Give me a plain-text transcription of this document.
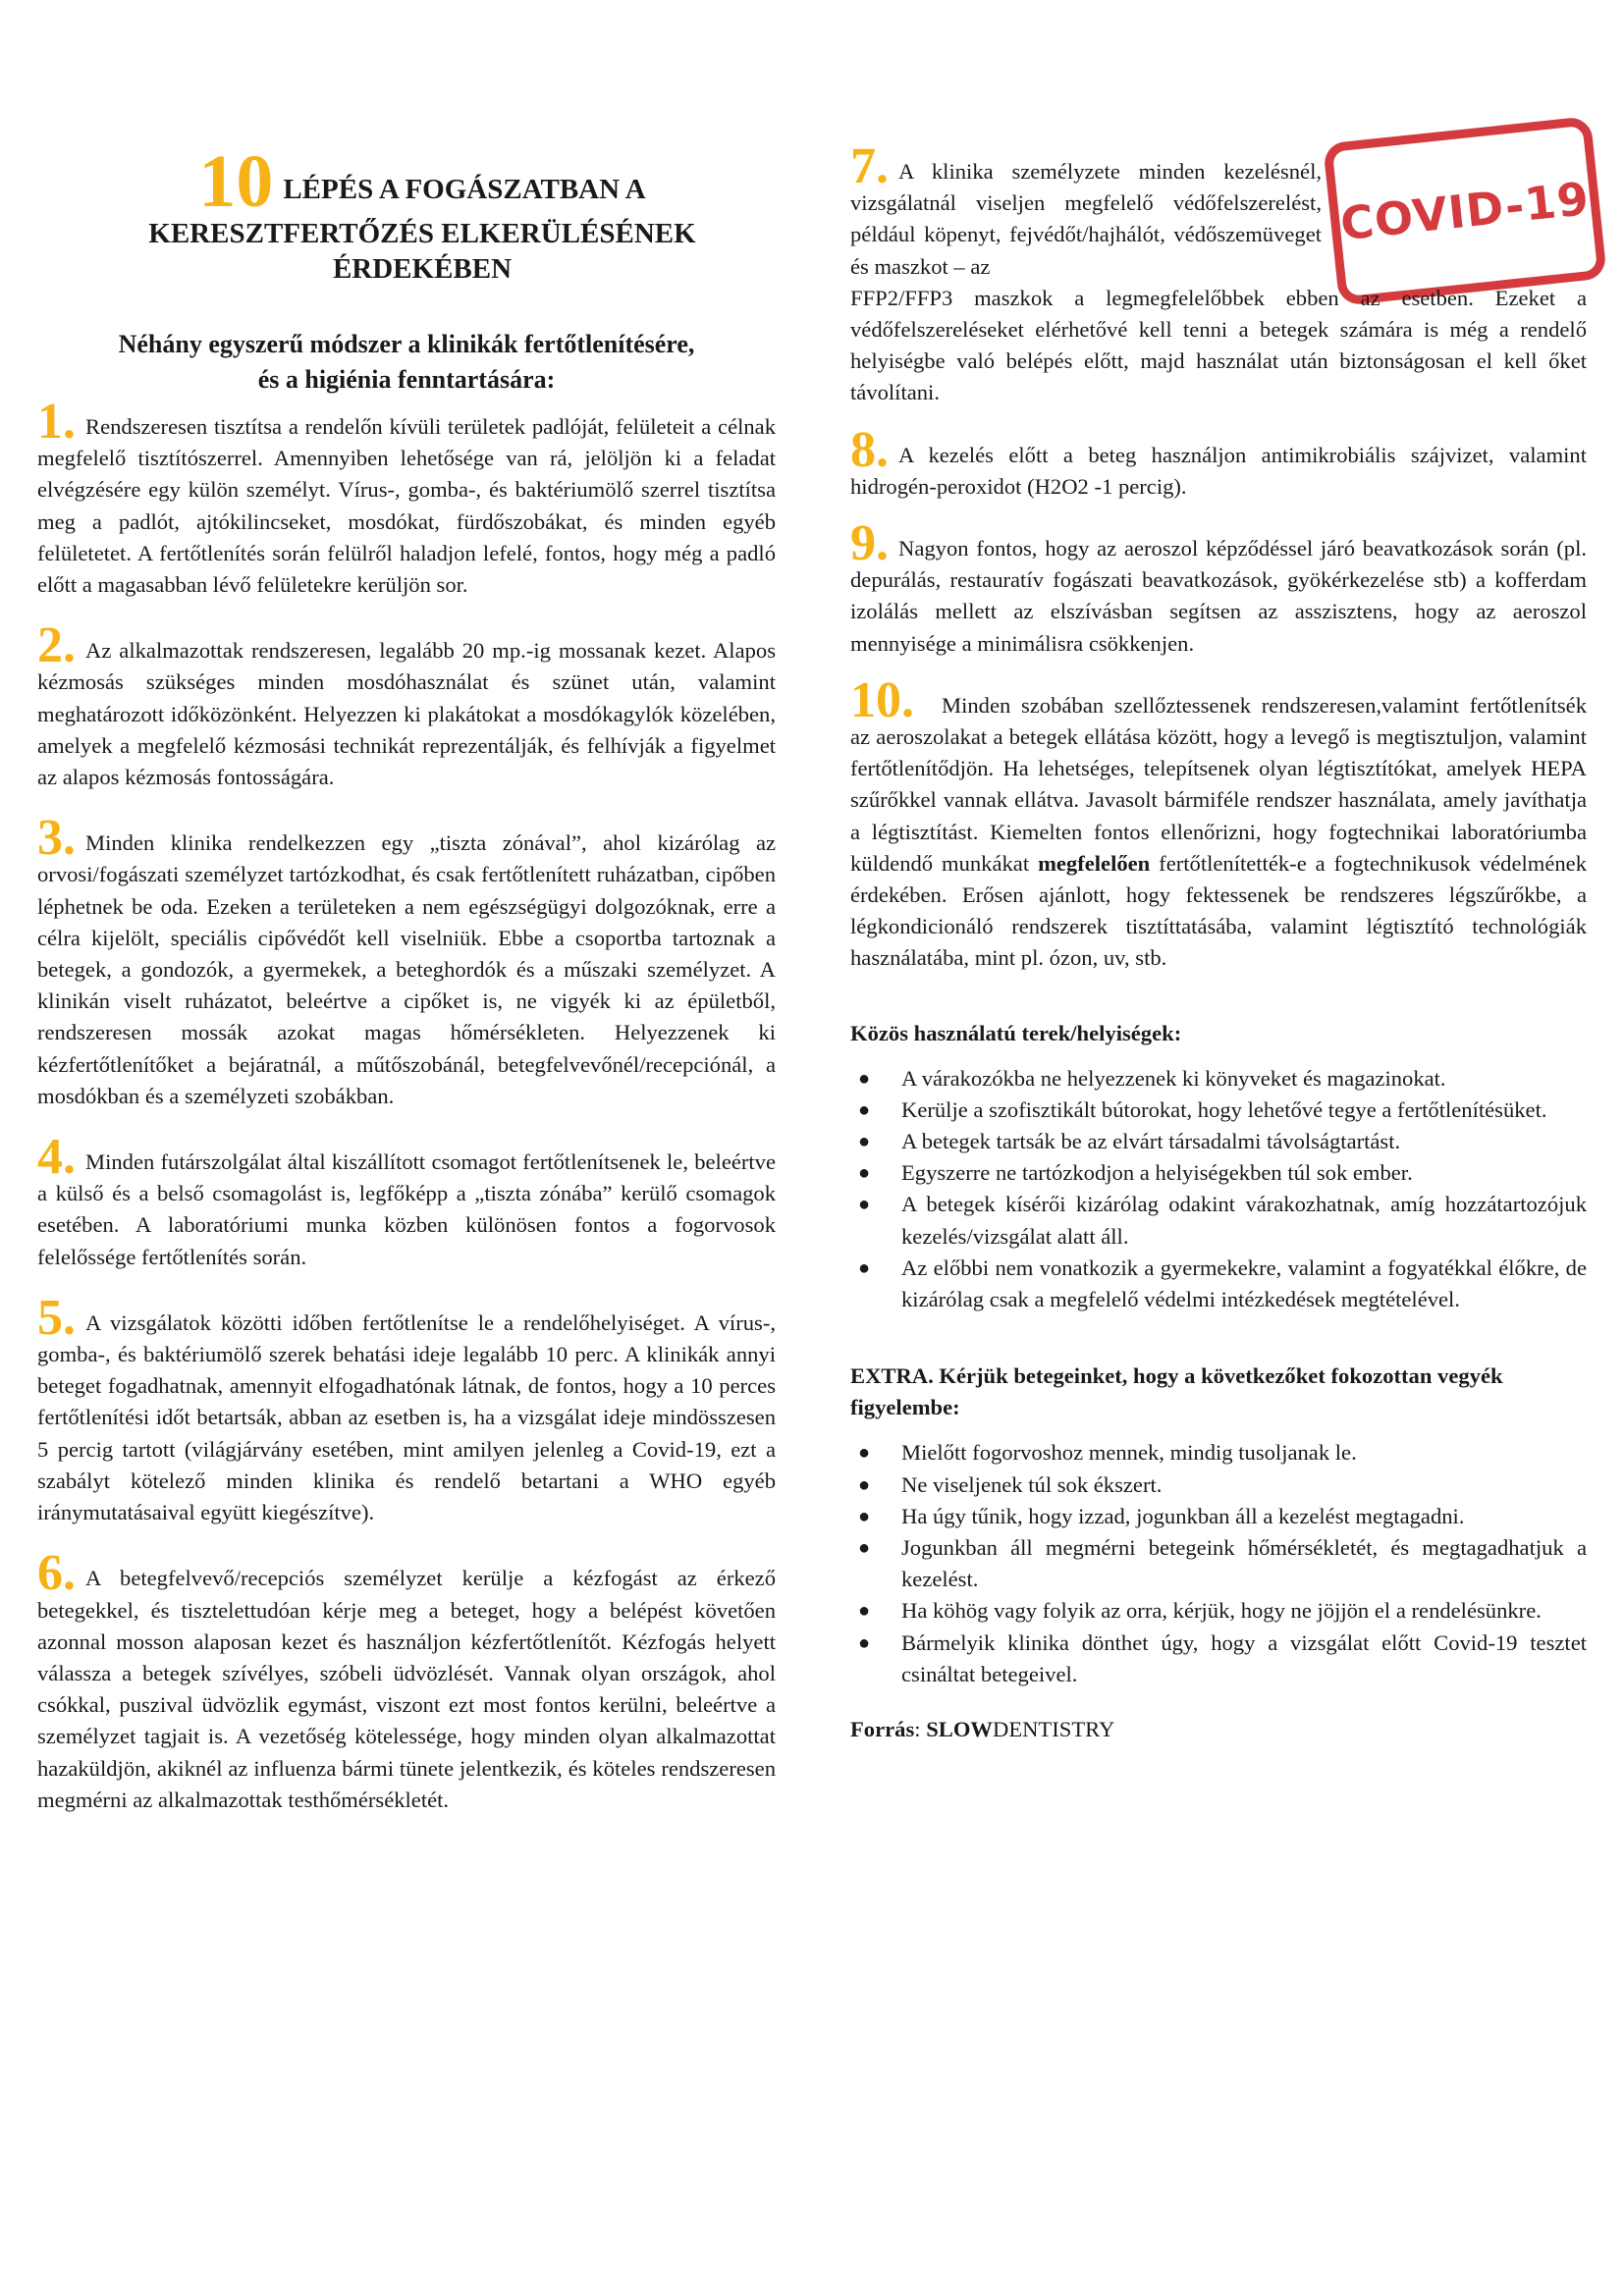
10 LÉPÉS A FOGÁSZATBAN A
KERESZTFERTŐZÉS ELKERÜLÉSÉNEK
ÉRDEKÉBEN
Néhány egyszerű módszer a klinikák fertőtlenítésére,
és a higiénia fenntartására:

1. Rendszeresen tisztítsa a rendelőn kívüli területek padlóját, felületeit a célnak megfelelő tisztítószerrel. Amennyiben lehetősége van rá, jelöljön ki a feladat elvégzésére egy külön személyt. Vírus-, gomba-, és baktériumölő szerrel tisztítsa meg a padlót, ajtókilincseket, mosdókat, fürdőszobákat, és minden egyéb felületetet. A fertőtlenítés során felülről haladjon lefelé, fontos, hogy még a padló előtt a magasabban lévő felületekre kerüljön sor.

2. Az alkalmazottak rendszeresen, legalább 20 mp.-ig mossanak kezet. Alapos kézmosás szükséges minden mosdóhasználat és szünet után, valamint meghatározott időközönként. Helyezzen ki plakátokat a mosdókagylók közelében, amelyek a megfelelő kézmosási technikát reprezentálják, és felhívják a figyelmet az alapos kézmosás fontosságára.

3. Minden klinika rendelkezzen egy „tiszta zónával”, ahol kizárólag az orvosi/fogászati személyzet tartózkodhat, és csak fertőtlenített ruházatban, cipőben léphetnek be oda. Ezeken a területeken a nem egészségügyi dolgozóknak, erre a célra kijelölt, speciális cipővédőt kell viselniük. Ebbe a csoportba tartoznak a betegek, a gondozók, a gyermekek, a beteghordók és a műszaki személyzet. A klinikán viselt ruházatot, beleértve a cipőket is, ne vigyék ki az épületből, rendszeresen mossák azokat magas hőmérsékleten. Helyezzenek ki kézfertőtlenítőket a bejáratnál, a műtőszobánál, betegfelvevőnél/recepciónál, a mosdókban és a személyzeti szobákban.

4. Minden futárszolgálat által kiszállított csomagot fertőtlenítsenek le, beleértve a külső és a belső csomagolást is, legfőképp a „tiszta zónába” kerülő csomagok esetében. A laboratóriumi munka közben különösen fontos a fogorvosok felelőssége fertőtlenítés során.

5. A vizsgálatok közötti időben fertőtlenítse le a rendelőhelyiséget. A vírus-, gomba-, és baktériumölő szerek behatási ideje legalább 10 perc. A klinikák annyi beteget fogadhatnak, amennyit elfogadhatónak látnak, de fontos, hogy a 10 perces fertőtlenítési időt betartsák, abban az esetben is, ha a vizsgálat ideje mindösszesen 5 percig tartott (világjárvány esetében, mint amilyen jelenleg a Covid-19, ezt a szabályt kötelező minden klinika és rendelő betartani a WHO egyéb iránymutatásaival együtt kiegészítve).

6. A betegfelvevő/recepciós személyzet kerülje a kézfogást az érkező betegekkel, és tisztelettudóan kérje meg a beteget, hogy a belépést követően azonnal mosson alaposan kezet és használjon kézfertőtlenítőt. Kézfogás helyett válassza a betegek szívélyes, szóbeli üdvözlését. Vannak olyan országok, ahol csókkal, puszival üdvözlik egymást, viszont ezt most fontos kerülni, beleértve a személyzet tagjait is. A vezetőség kötelessége, hogy minden olyan alkalmazottat hazaküldjön, akiknél az influenza bármi tünete jelentkezik, és köteles rendszeresen megmérni az alkalmazottak testhőmérsékletét.

COVID-19

7. A klinika személyzete minden kezelésnél, vizsgálatnál viseljen megfelelő védőfelszerelést, például köpenyt, fejvédőt/hajhálót, védőszemüveget és maszkot – az

FFP2/FFP3 maszkok a legmegfelelőbbek ebben az esetben. Ezeket a védőfelszereléseket elérhetővé kell tenni a betegek számára is még a rendelő helyiségbe való belépés előtt, majd használat után biztonságosan el kell őket távolítani.

8. A kezelés előtt a beteg használjon antimikrobiális szájvizet, valamint hidrogén-peroxidot (H2O2 -1 percig).

9. Nagyon fontos, hogy az aeroszol képződéssel járó beavatkozások során (pl. depurálás, restauratív fogászati beavatkozások, gyökérkezelése stb) a kofferdam izolálás mellett az elszívásban segítsen az asszisztens, hogy az aeroszol mennyisége a minimálisra csökkenjen.

10. Minden szobában szellőztessenek rendszeresen,valamint fertőtlenítsék az aeroszolakat a betegek ellátása között, hogy a levegő is megtisztuljon, valamint fertőtlenítődjön. Ha lehetséges, telepítsenek olyan légtisztítókat, amelyek HEPA szűrőkkel vannak ellátva. Javasolt bármiféle rendszer használata, amely javíthatja a légtisztítást. Kiemelten fontos ellenőrizni, hogy fogtechnikai laboratóriumba küldendő munkákat megfelelően fertőtlenítették-e a fogtechnikusok védelmének érdekében. Erősen ajánlott, hogy fektessenek be rendszeres légszűrőkbe, a légkondicionáló rendszerek tisztíttatásába, valamint légtisztító technológiák használatába, mint pl. ózon, uv, stb.

Közös használatú terek/helyiségek:

● A várakozókba ne helyezzenek ki könyveket és magazinokat.
● Kerülje a szofisztikált bútorokat, hogy lehetővé tegye a fertőtlenítésüket.
● A betegek tartsák be az elvárt társadalmi távolságtartást.
● Egyszerre ne tartózkodjon a helyiségekben túl sok ember.
● A betegek kísérői kizárólag odakint várakozhatnak, amíg hozzátartozójuk kezelés/vizsgálat alatt áll.
● Az előbbi nem vonatkozik a gyermekekre, valamint a fogyatékkal élőkre, de kizárólag csak a megfelelő védelmi intézkedések megtételével.

EXTRA. Kérjük betegeinket, hogy a következőket fokozottan vegyék figyelembe:

● Mielőtt fogorvoshoz mennek, mindig tusoljanak le.
● Ne viseljenek túl sok ékszert.
● Ha úgy tűnik, hogy izzad, jogunkban áll a kezelést megtagadni.
● Jogunkban áll megmérni betegeink hőmérsékletét, és megtagadhatjuk a kezelést.
● Ha köhög vagy folyik az orra, kérjük, hogy ne jöjjön el a rendelésünkre.
● Bármelyik klinika dönthet úgy, hogy a vizsgálat előtt Covid-19 tesztet csináltat betegeivel.

Forrás: SLOWDENTISTRY
